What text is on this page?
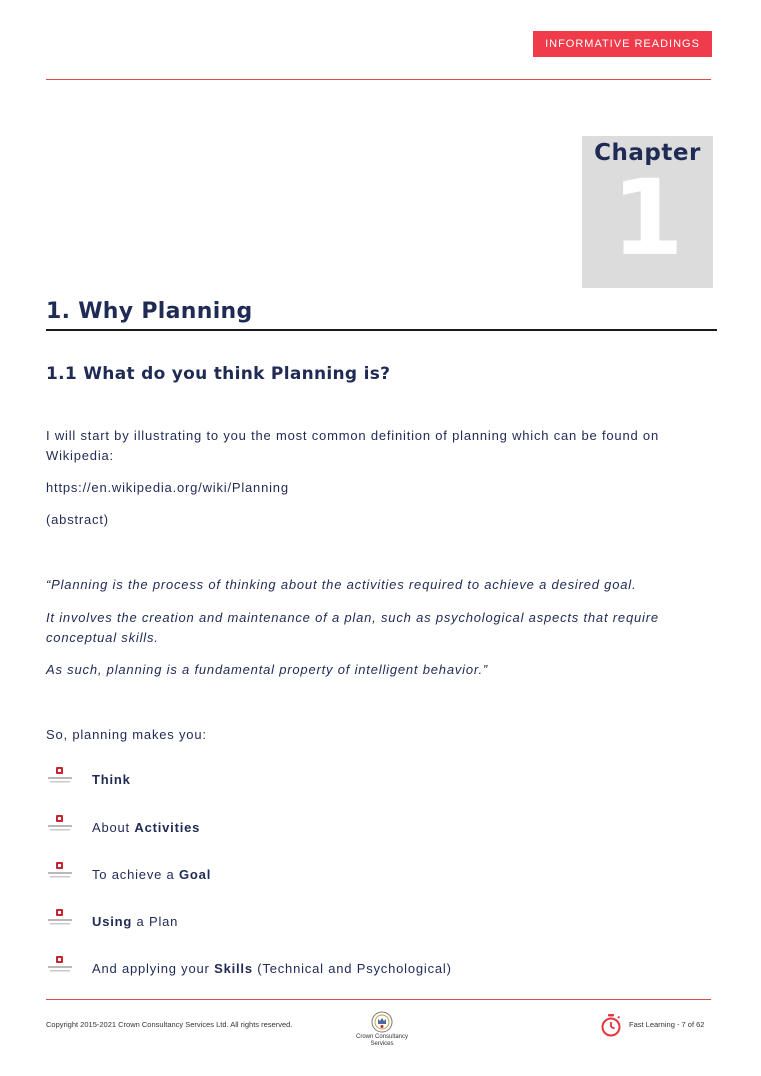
INFORMATIVE READINGS
Chapter
1
1. Why Planning
1.1 What do you think Planning is?
I will start by illustrating to you the most common definition of planning which can be found on Wikipedia:
https://en.wikipedia.org/wiki/Planning
(abstract)
“Planning is the process of thinking about the activities required to achieve a desired goal.
It involves the creation and maintenance of a plan, such as psychological aspects that require conceptual skills.
As such, planning is a fundamental property of intelligent behavior.”
So, planning makes you:
Think
About Activities
To achieve a Goal
Using a Plan
And applying your Skills (Technical and Psychological)
Copyright 2015-2021 Crown Consultancy Services Ltd. All rights reserved.
Crown Consultancy Services
Fast Learning - 7 of 62
